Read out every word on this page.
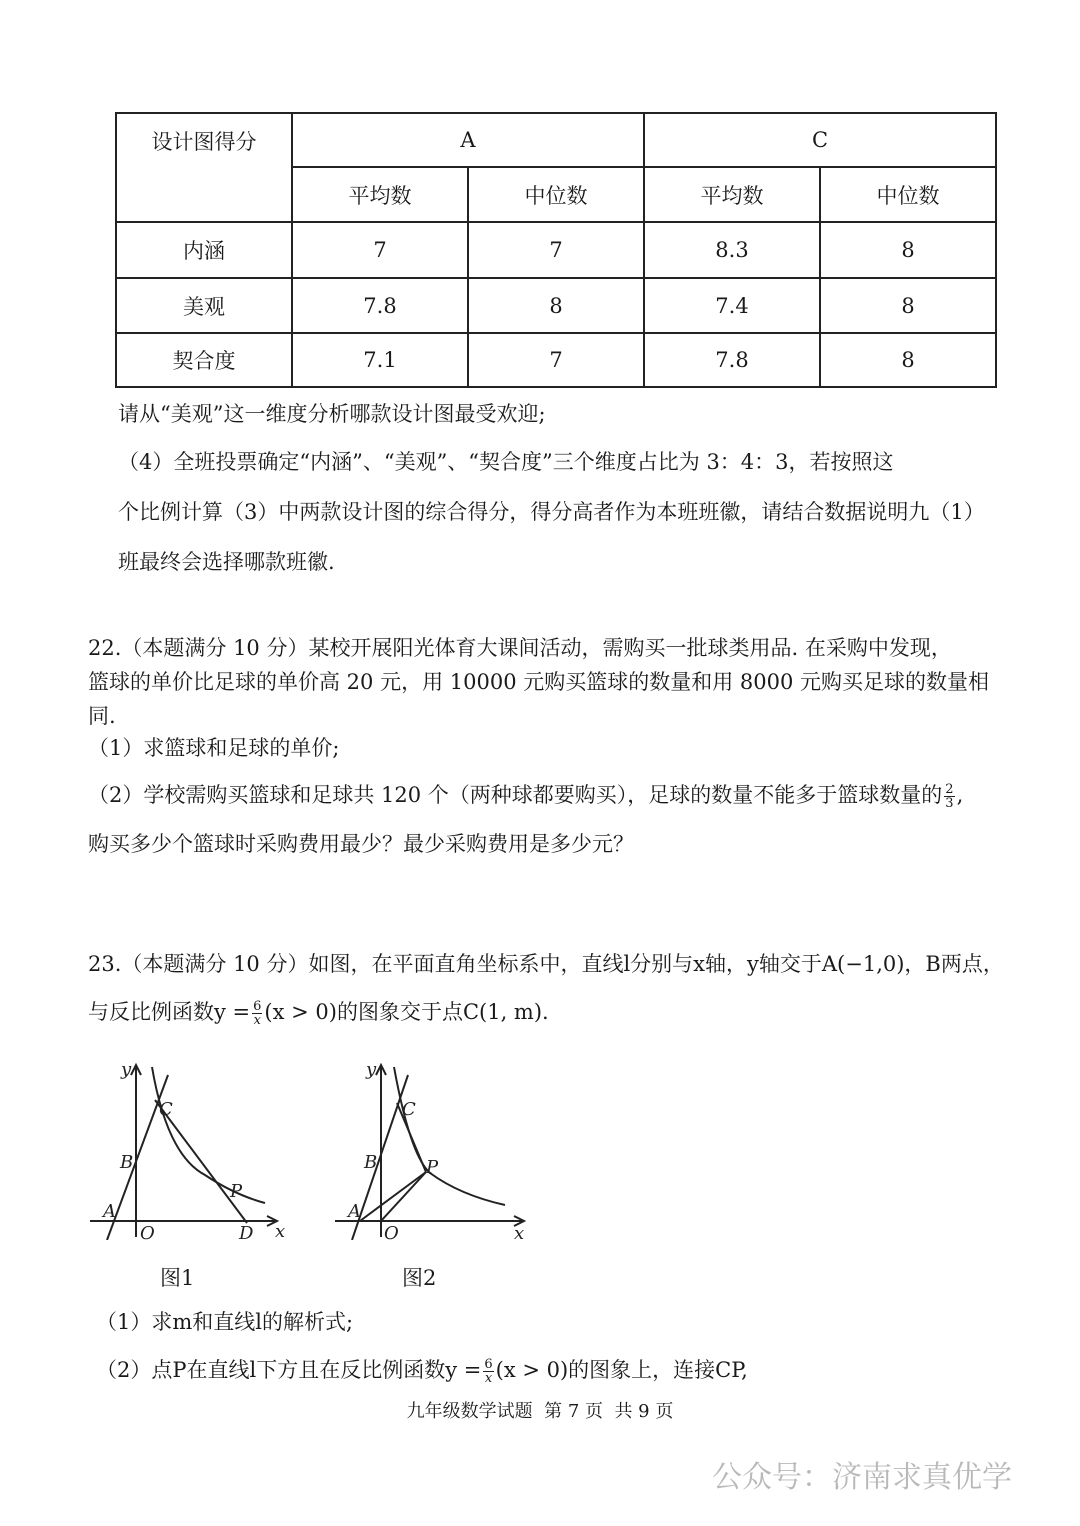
设计图得分	A	C
平均数	中位数	平均数	中位数
内涵	7	7	8.3	8
美观	7.8	8	7.4	8
契合度	7.1	7	7.8	8
请从“美观”这一维度分析哪款设计图最受欢迎;
（4）全班投票确定“内涵”、“美观”、“契合度”三个维度占比为 3：4：3，若按照这
个比例计算（3）中两款设计图的综合得分，得分高者作为本班班徽，请结合数据说明九（1）
班最终会选择哪款班徽.
22.（本题满分 10 分）某校开展阳光体育大课间活动，需购买一批球类用品. 在采购中发现，
篮球的单价比足球的单价高 20 元，用 10000 元购买篮球的数量和用 8000 元购买足球的数量相
同.
（1）求篮球和足球的单价;
（2）学校需购买篮球和足球共 120 个（两种球都要购买），足球的数量不能多于篮球数量的 $\frac{2}{3}$ ,
购买多少个篮球时采购费用最少？最少采购费用是多少元？
23.（本题满分 10 分）如图，在平面直角坐标系中，直线l分别与x轴，y轴交于A(−1,0)，B两点，
与反比例函数$y = \frac{6}{x} (x > 0)$的图象交于点C(1, m).
y
x
O
A
B
C
P
D
图1
y
x
O
A
B
C
P
图2
（1）求m和直线l的解析式;
（2）点P在直线l下方且在反比例函数$y = \frac{6}{x} (x > 0)$的图象上，连接CP,
九年级数学试题  第 7 页  共 9 页
公众号：济南求真优学
